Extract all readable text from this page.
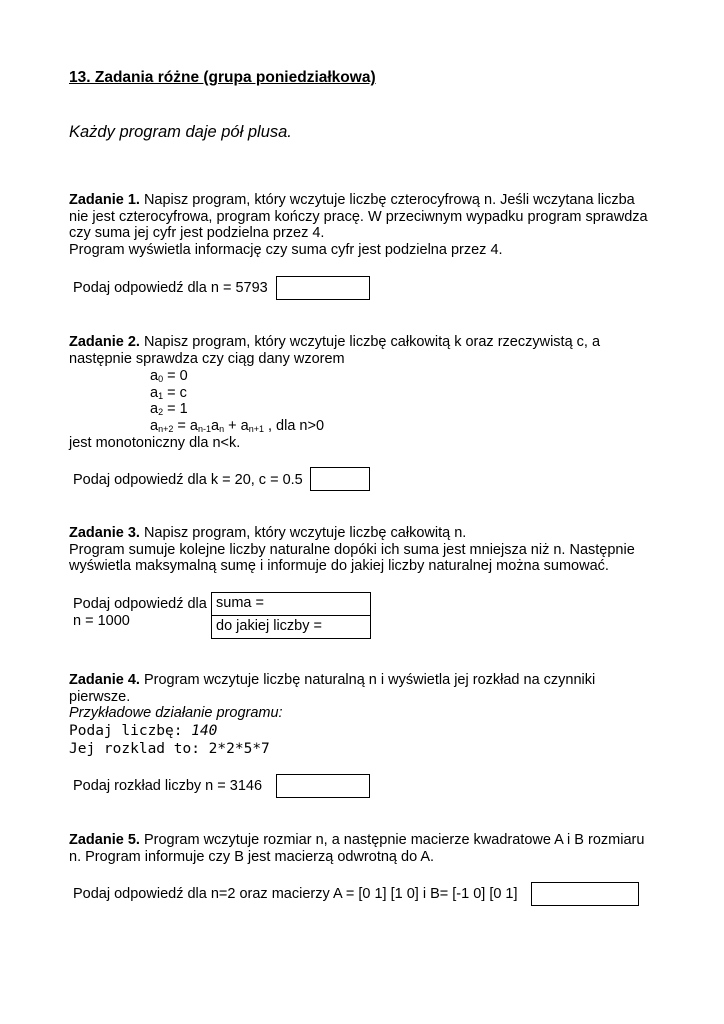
13. Zadania różne (grupa poniedziałkowa)
Każdy program daje pół plusa.
Zadanie 1. Napisz program, który wczytuje liczbę czterocyfrową n. Jeśli wczytana liczba
nie jest czterocyfrowa, program kończy pracę. W przeciwnym wypadku program sprawdza
czy suma jej cyfr jest podzielna przez 4.
Program wyświetla informację czy suma cyfr jest podzielna przez 4.
Podaj odpowiedź dla n = 5793
Zadanie 2. Napisz program, który wczytuje liczbę całkowitą k oraz rzeczywistą c, a
następnie sprawdza czy ciąg dany wzorem
$a_0 = 0$
$a_1 = c$
$a_2 = 1$
$a_{n+2} = a_{n-1}a_n + a_{n+1}$ , dla n>0
jest monotoniczny dla n<k.
Podaj odpowiedź dla k = 20, c = 0.5
Zadanie 3. Napisz program, który wczytuje liczbę całkowitą n.
Program sumuje kolejne liczby naturalne dopóki ich suma jest mniejsza niż n. Następnie
wyświetla maksymalną sumę i informuje do jakiej liczby naturalnej można sumować.
Podaj odpowiedź dla
n = 1000
suma =
do jakiej liczby =
Zadanie 4. Program wczytuje liczbę naturalną n i wyświetla jej rozkład na czynniki
pierwsze.
Przykładowe działanie programu:
Podaj liczbę: 140
Jej rozklad to: 2*2*5*7
Podaj rozkład liczby n = 3146
Zadanie 5. Program wczytuje rozmiar n, a następnie macierze kwadratowe A i B rozmiaru
n. Program informuje czy B jest macierzą odwrotną do A.
Podaj odpowiedź dla n=2 oraz macierzy A = [0 1] [1 0] i B= [-1 0] [0 1]
